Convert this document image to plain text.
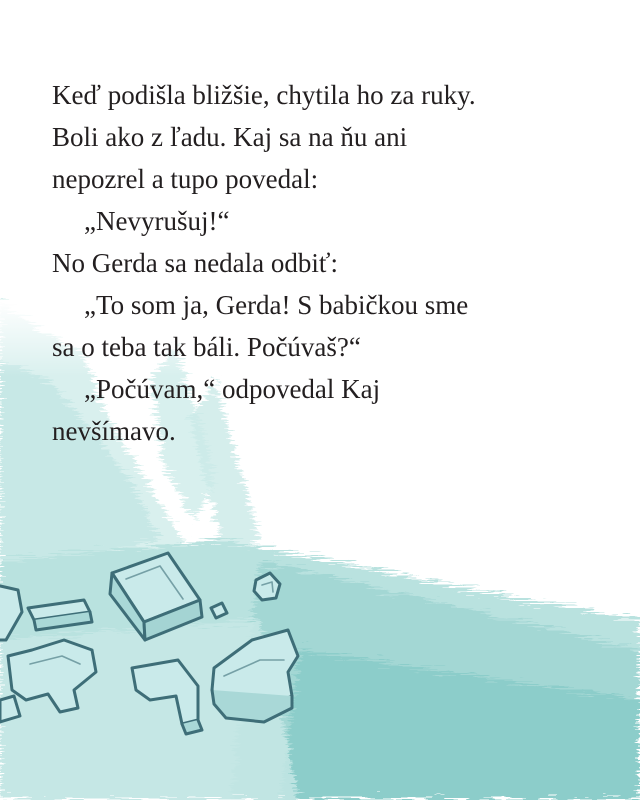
Keď podišla bližšie, chytila ho za ruky.
Boli ako z ľadu. Kaj sa na ňu ani
nepozrel a tupo povedal:
„Nevyrušuj!“
No Gerda sa nedala odbiť:
„To som ja, Gerda! S babičkou sme
sa o teba tak báli. Počúvaš?“
„Počúvam,“ odpovedal Kaj
nevšímavo.
